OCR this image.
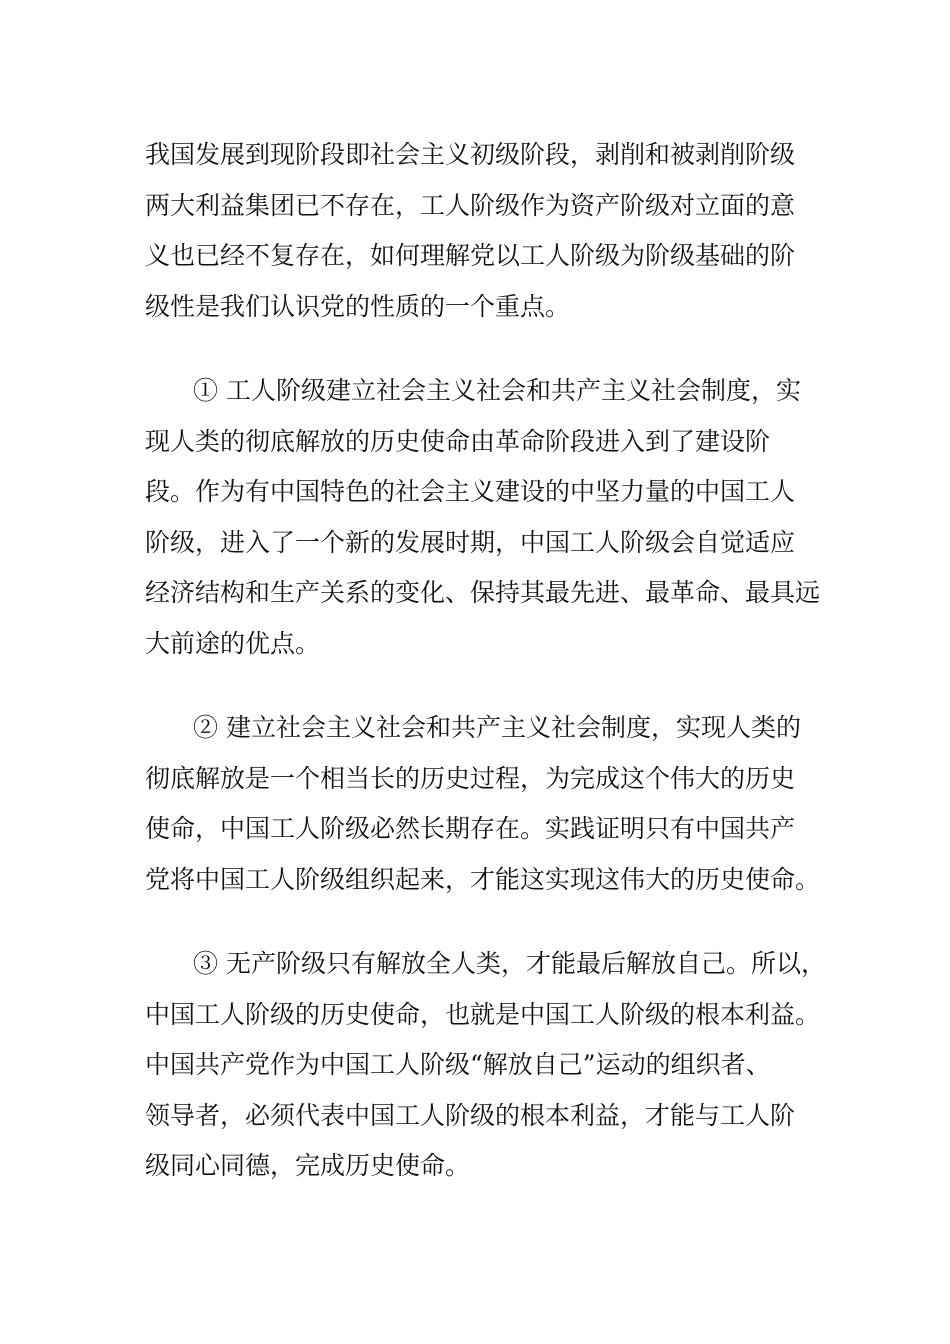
我国发展到现阶段即社会主义初级阶段，剥削和被剥削阶级
两大利益集团已不存在，工人阶级作为资产阶级对立面的意
义也已经不复存在，如何理解党以工人阶级为阶级基础的阶
级性是我们认识党的性质的一个重点。

① 工人阶级建立社会主义社会和共产主义社会制度，实
现人类的彻底解放的历史使命由革命阶段进入到了建设阶
段。作为有中国特色的社会主义建设的中坚力量的中国工人
阶级，进入了一个新的发展时期，中国工人阶级会自觉适应
经济结构和生产关系的变化、保持其最先进、最革命、最具远
大前途的优点。

② 建立社会主义社会和共产主义社会制度，实现人类的
彻底解放是一个相当长的历史过程，为完成这个伟大的历史
使命，中国工人阶级必然长期存在。实践证明只有中国共产
党将中国工人阶级组织起来，才能这实现这伟大的历史使命。

③ 无产阶级只有解放全人类，才能最后解放自己。所以，
中国工人阶级的历史使命，也就是中国工人阶级的根本利益。
中国共产党作为中国工人阶级“解放自己”运动的组织者、
领导者，必须代表中国工人阶级的根本利益，才能与工人阶
级同心同德，完成历史使命。
